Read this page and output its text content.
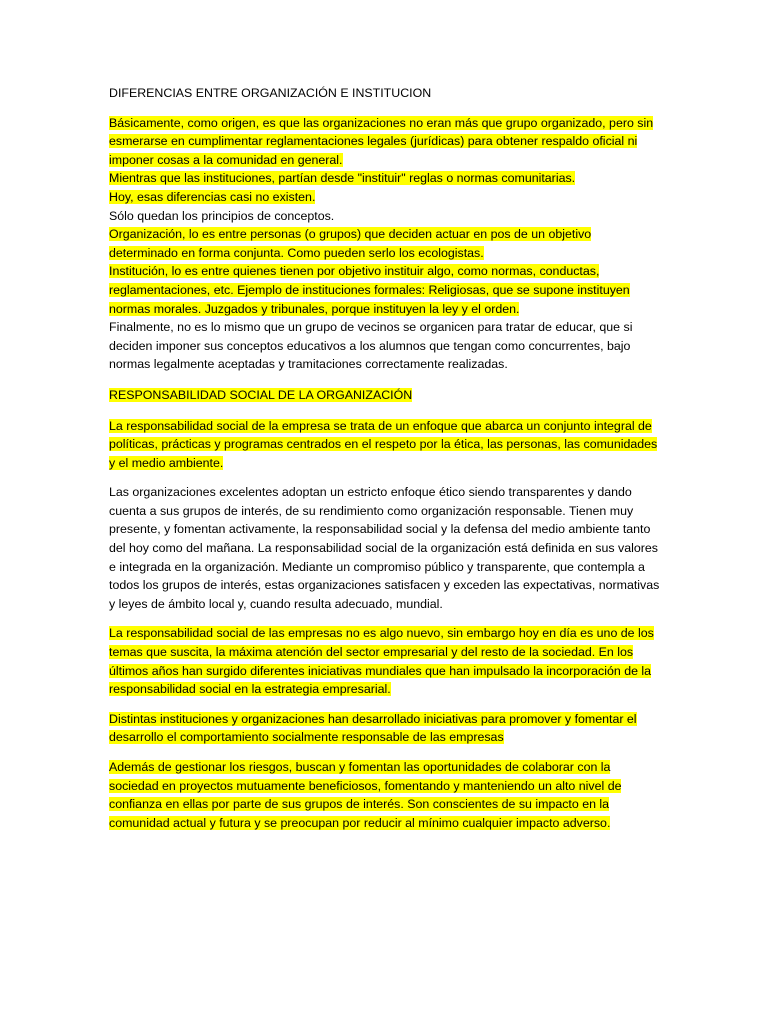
DIFERENCIAS ENTRE ORGANIZACIÓN E INSTITUCION

Básicamente, como origen, es que las organizaciones no eran más que grupo organizado, pero sin esmerarse en cumplimentar reglamentaciones legales (jurídicas) para obtener respaldo oficial ni imponer cosas a la comunidad en general.

Mientras que las instituciones, partían desde "instituir" reglas o normas comunitarias.

Hoy, esas diferencias casi no existen.

Sólo quedan los principios de conceptos.

Organización, lo es entre personas (o grupos) que deciden actuar en pos de un objetivo determinado en forma conjunta. Como pueden serlo los ecologistas.

Institución, lo es entre quienes tienen por objetivo instituir algo, como normas, conductas, reglamentaciones, etc. Ejemplo de instituciones formales: Religiosas, que se supone instituyen normas morales. Juzgados y tribunales, porque instituyen la ley y el orden.

Finalmente, no es lo mismo que un grupo de vecinos se organicen para tratar de educar, que si deciden imponer sus conceptos educativos a los alumnos que tengan como concurrentes, bajo normas legalmente aceptadas y tramitaciones correctamente realizadas.

RESPONSABILIDAD SOCIAL DE LA ORGANIZACIÓN

La responsabilidad social de la empresa se trata de un enfoque que abarca un conjunto integral de políticas, prácticas y programas centrados en el respeto por la ética, las personas, las comunidades y el medio ambiente.

Las organizaciones excelentes adoptan un estricto enfoque ético siendo transparentes y dando cuenta a sus grupos de interés, de su rendimiento como organización responsable. Tienen muy presente, y fomentan activamente, la responsabilidad social y la defensa del medio ambiente tanto del hoy como del mañana. La responsabilidad social de la organización está definida en sus valores e integrada en la organización. Mediante un compromiso público y transparente, que contempla a todos los grupos de interés, estas organizaciones satisfacen y exceden las expectativas, normativas y leyes de ámbito local y, cuando resulta adecuado, mundial.

La responsabilidad social de las empresas no es algo nuevo, sin embargo hoy en día es uno de los temas que suscita, la máxima atención del sector empresarial y del resto de la sociedad. En los últimos años han surgido diferentes iniciativas mundiales que han impulsado la incorporación de la responsabilidad social en la estrategia empresarial.

Distintas instituciones y organizaciones han desarrollado iniciativas para promover y fomentar el desarrollo el comportamiento socialmente responsable de las empresas

Además de gestionar los riesgos, buscan y fomentan las oportunidades de colaborar con la sociedad en proyectos mutuamente beneficiosos, fomentando y manteniendo un alto nivel de confianza en ellas por parte de sus grupos de interés. Son conscientes de su impacto en la comunidad actual y futura y se preocupan por reducir al mínimo cualquier impacto adverso.
